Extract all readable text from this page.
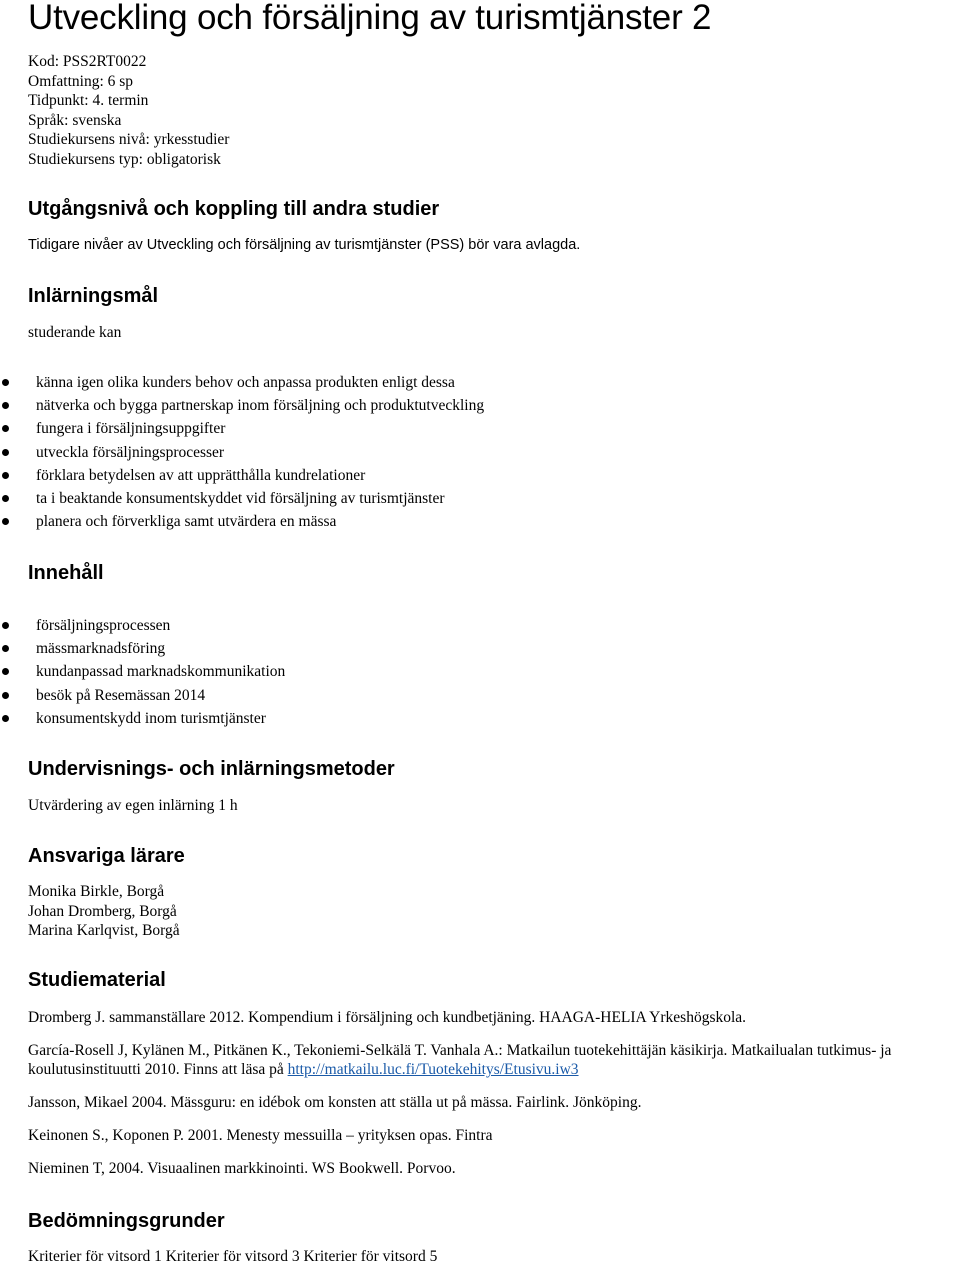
Utveckling och försäljning av turismtjänster 2
Kod: PSS2RT0022
Omfattning: 6 sp
Tidpunkt: 4. termin
Språk: svenska
Studiekursens nivå: yrkesstudier
Studiekursens typ: obligatorisk
Utgångsnivå och koppling till andra studier
Tidigare nivåer av Utveckling och försäljning av turismtjänster (PSS) bör vara avlagda.
Inlärningsmål
studerande kan
känna igen olika kunders behov och anpassa produkten enligt dessa
nätverka och bygga partnerskap inom försäljning och produktutveckling
fungera i försäljningsuppgifter
utveckla försäljningsprocesser
förklara betydelsen av att upprätthålla kundrelationer
ta i beaktande konsumentskyddet vid försäljning av turismtjänster
planera och förverkliga samt utvärdera en mässa
Innehåll
försäljningsprocessen
mässmarknadsföring
kundanpassad marknadskommunikation
besök på Resemässan 2014
konsumentskydd inom turismtjänster
Undervisnings- och inlärningsmetoder
Utvärdering av egen inlärning 1 h
Ansvariga lärare
Monika Birkle, Borgå
Johan Dromberg, Borgå
Marina Karlqvist, Borgå
Studiematerial

Dromberg J. sammanställare 2012. Kompendium i försäljning och kundbetjäning. HAAGA-HELIA Yrkeshögskola.

García-Rosell J, Kylänen M., Pitkänen K., Tekoniemi-Selkälä T. Vanhala A.: Matkailun tuotekehittäjän käsikirja. Matkailualan tutkimus- ja
koulutusinstituutti 2010. Finns att läsa på http://matkailu.luc.fi/Tuotekehitys/Etusivu.iw3

Jansson, Mikael 2004. Mässguru: en idébok om konsten att ställa ut på mässa. Fairlink. Jönköping.

Keinonen S., Koponen P. 2001. Menesty messuilla – yrityksen opas. Fintra

Nieminen T, 2004. Visuaalinen markkinointi. WS Bookwell. Porvoo.

Bedömningsgrunder
Kriterier för vitsord 1 Kriterier för vitsord 3 Kriterier för vitsord 5
